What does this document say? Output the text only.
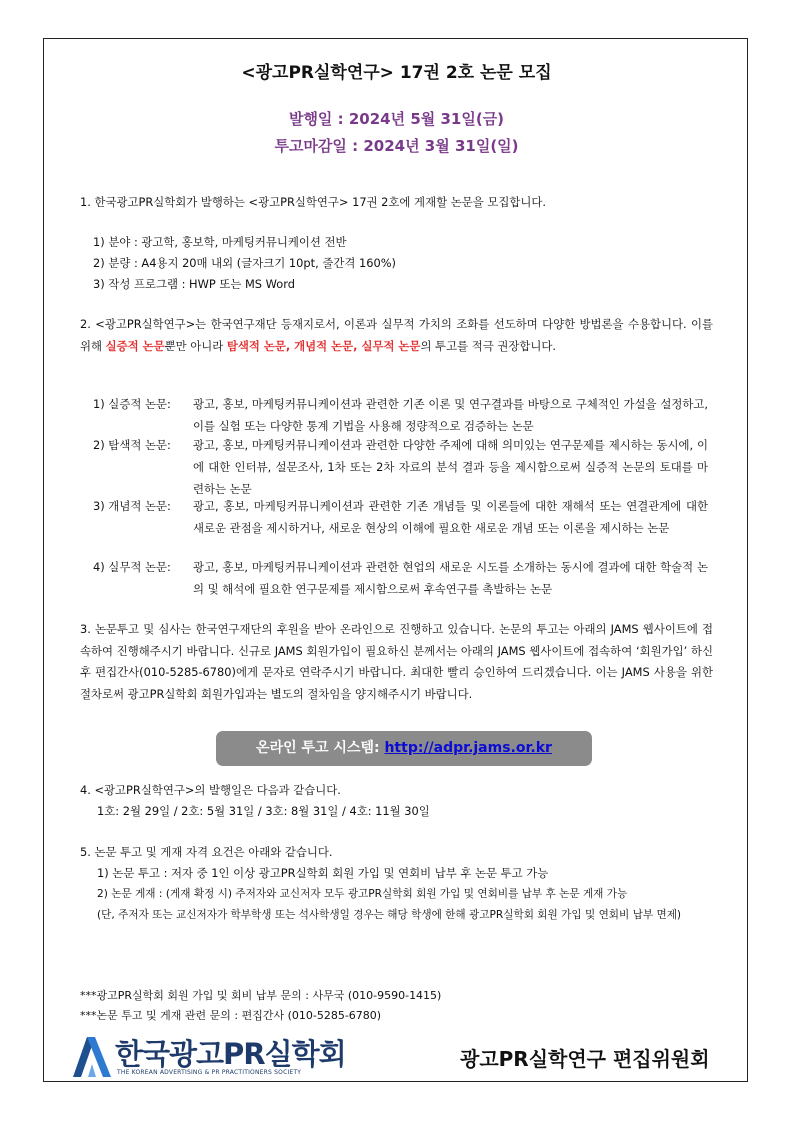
<광고PR실학연구> 17권 2호 논문 모집
발행일 : 2024년 5월 31일(금)
투고마감일 : 2024년 3월 31일(일)

1. 한국광고PR실학회가 발행하는 <광고PR실학연구> 17권 2호에 게재할 논문을 모집합니다.

1) 분야 : 광고학, 홍보학, 마케팅커뮤니케이션 전반

2) 분량 : A4용지 20매 내외 (글자크기 10pt, 줄간격 160%)

3) 작성 프로그램 : HWP 또는 MS Word

2. <광고PR실학연구>는 한국연구재단 등재지로서, 이론과 실무적 가치의 조화를 선도하며 다양한 방법론을 수용합니다. 이를 위해 실증적 논문뿐만 아니라 탐색적 논문, 개념적 논문, 실무적 논문의 투고를 적극 권장합니다.

1) 실증적 논문: 광고, 홍보, 마케팅커뮤니케이션과 관련한 기존 이론 및 연구결과를 바탕으로 구체적인 가설을 설정하고, 이를 실험 또는 다양한 통계 기법을 사용해 정량적으로 검증하는 논문
2) 탐색적 논문: 광고, 홍보, 마케팅커뮤니케이션과 관련한 다양한 주제에 대해 의미있는 연구문제를 제시하는 동시에, 이에 대한 인터뷰, 설문조사, 1차 또는 2차 자료의 분석 결과 등을 제시함으로써 실증적 논문의 토대를 마련하는 논문
3) 개념적 논문: 광고, 홍보, 마케팅커뮤니케이션과 관련한 기존 개념들 및 이론들에 대한 재해석 또는 연결관계에 대한 새로운 관점을 제시하거나, 새로운 현상의 이해에 필요한 새로운 개념 또는 이론을 제시하는 논문
4) 실무적 논문: 광고, 홍보, 마케팅커뮤니케이션과 관련한 현업의 새로운 시도를 소개하는 동시에 결과에 대한 학술적 논의 및 해석에 필요한 연구문제를 제시함으로써 후속연구를 촉발하는 논문

3. 논문투고 및 심사는 한국연구재단의 후원을 받아 온라인으로 진행하고 있습니다. 논문의 투고는 아래의 JAMS 웹사이트에 접속하여 진행해주시기 바랍니다. 신규로 JAMS 회원가입이 필요하신 분께서는 아래의 JAMS 웹사이트에 접속하여 ‘회원가입’ 하신 후 편집간사(010-5285-6780)에게 문자로 연락주시기 바랍니다. 최대한 빨리 승인하여 드리겠습니다. 이는 JAMS 사용을 위한 절차로써 광고PR실학회 회원가입과는 별도의 절차임을 양지해주시기 바랍니다.

온라인 투고 시스템: http://adpr.jams.or.kr

4. <광고PR실학연구>의 발행일은 다음과 같습니다.

1호: 2월 29일 / 2호: 5월 31일 / 3호: 8월 31일 / 4호: 11월 30일

5. 논문 투고 및 게재 자격 요건은 아래와 같습니다.

1) 논문 투고 : 저자 중 1인 이상 광고PR실학회 회원 가입 및 연회비 납부 후 논문 투고 가능

2) 논문 게재 : (게재 확정 시) 주저자와 교신저자 모두 광고PR실학회 회원 가입 및 연회비를 납부 후 논문 게재 가능

(단, 주저자 또는 교신저자가 학부학생 또는 석사학생일 경우는 해당 학생에 한해 광고PR실학회 회원 가입 및 연회비 납부 면제)

***광고PR실학회 회원 가입 및 회비 납부 문의 : 사무국 (010-9590-1415)

***논문 투고 및 게재 관련 문의 : 편집간사 (010-5285-6780)

한국광고PR실학회
THE KOREAN ADVERTISING & PR PRACTITIONERS SOCIETY
광고PR실학연구 편집위원회
